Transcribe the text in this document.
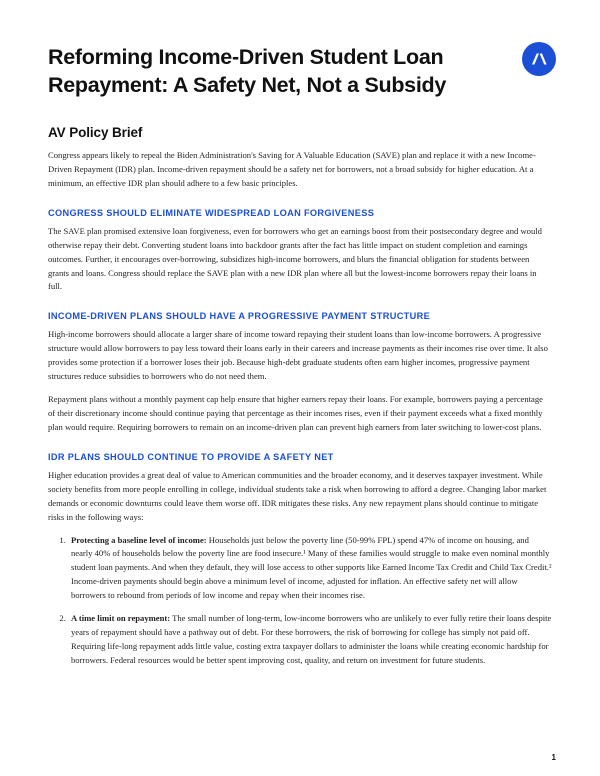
Reforming Income-Driven Student Loan Repayment: A Safety Net, Not a Subsidy
AV Policy Brief

Congress appears likely to repeal the Biden Administration's Saving for A Valuable Education (SAVE) plan and replace it with a new Income-Driven Repayment (IDR) plan. Income-driven repayment should be a safety net for borrowers, not a broad subsidy for higher education. At a minimum, an effective IDR plan should adhere to a few basic principles.

CONGRESS SHOULD ELIMINATE WIDESPREAD LOAN FORGIVENESS

The SAVE plan promised extensive loan forgiveness, even for borrowers who get an earnings boost from their postsecondary degree and would otherwise repay their debt. Converting student loans into backdoor grants after the fact has little impact on student completion and earnings outcomes. Further, it encourages over-borrowing, subsidizes high-income borrowers, and blurs the financial obligation for students between grants and loans. Congress should replace the SAVE plan with a new IDR plan where all but the lowest-income borrowers repay their loans in full.

INCOME-DRIVEN PLANS SHOULD HAVE A PROGRESSIVE PAYMENT STRUCTURE

High-income borrowers should allocate a larger share of income toward repaying their student loans than low-income borrowers. A progressive structure would allow borrowers to pay less toward their loans early in their careers and increase payments as their incomes rise over time. It also provides some protection if a borrower loses their job. Because high-debt graduate students often earn higher incomes, progressive payment structures reduce subsidies to borrowers who do not need them.

Repayment plans without a monthly payment cap help ensure that higher earners repay their loans. For example, borrowers paying a percentage of their discretionary income should continue paying that percentage as their incomes rises, even if their payment exceeds what a fixed monthly plan would require. Requiring borrowers to remain on an income-driven plan can prevent high earners from later switching to lower-cost plans.

IDR PLANS SHOULD CONTINUE TO PROVIDE A SAFETY NET

Higher education provides a great deal of value to American communities and the broader economy, and it deserves taxpayer investment. While society benefits from more people enrolling in college, individual students take a risk when borrowing to afford a degree. Changing labor market demands or economic downturns could leave them worse off. IDR mitigates these risks. Any new repayment plans should continue to mitigate risks in the following ways:

1. Protecting a baseline level of income: Households just below the poverty line (50-99% FPL) spend 47% of income on housing, and nearly 40% of households below the poverty line are food insecure.¹ Many of these families would struggle to make even nominal monthly student loan payments. And when they default, they will lose access to other supports like Earned Income Tax Credit and Child Tax Credit.² Income-driven payments should begin above a minimum level of income, adjusted for inflation. An effective safety net will allow borrowers to rebound from periods of low income and repay when their incomes rise.
2. A time limit on repayment: The small number of long-term, low-income borrowers who are unlikely to ever fully retire their loans despite years of repayment should have a pathway out of debt. For these borrowers, the risk of borrowing for college has simply not paid off. Requiring life-long repayment adds little value, costing extra taxpayer dollars to administer the loans while creating economic hardship for borrowers. Federal resources would be better spent improving cost, quality, and return on investment for future students.
1
